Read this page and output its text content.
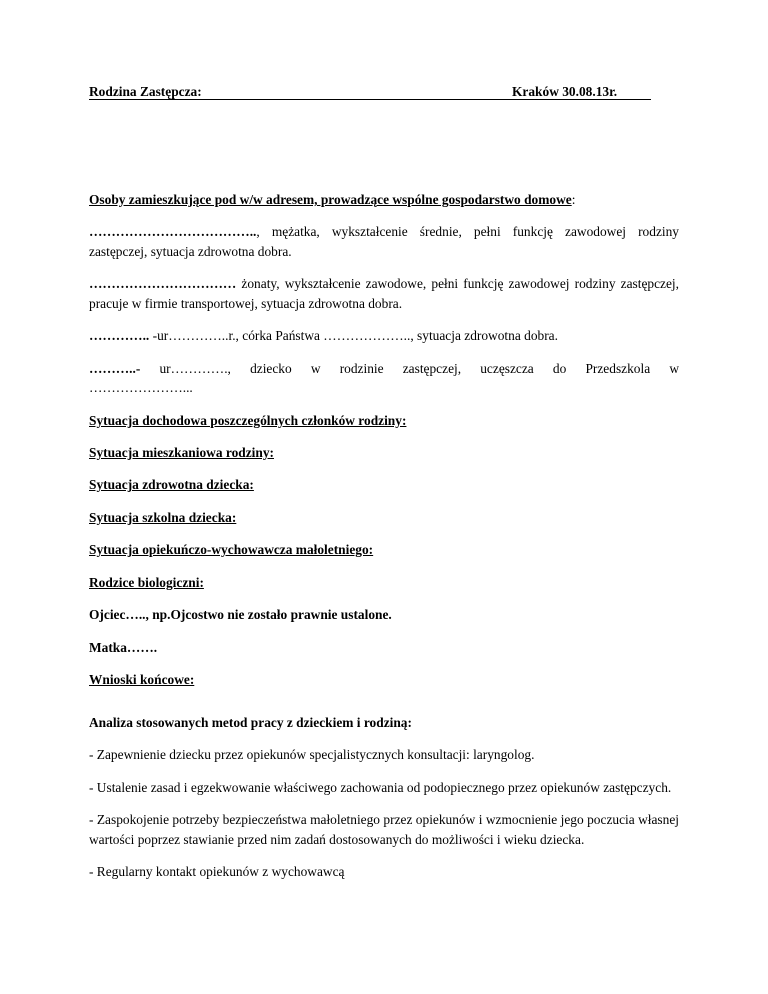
Rodzina Zastępcza:	Kraków 30.08.13r.

Osoby zamieszkujące pod w/w adresem, prowadzące wspólne gospodarstwo domowe:

……………………………….., mężatka, wykształcenie średnie, pełni funkcję zawodowej rodziny zastępczej, sytuacja zdrowotna dobra.

…………………………… żonaty, wykształcenie zawodowe, pełni funkcję zawodowej rodziny zastępczej, pracuje w firmie transportowej, sytuacja zdrowotna dobra.

………….. -ur…………..r., córka Państwa ……………….., sytuacja zdrowotna dobra.

………..- ur…………., dziecko w rodzinie zastępczej, uczęszcza do Przedszkola w
…………………...

Sytuacja dochodowa poszczególnych członków rodziny:

Sytuacja mieszkaniowa rodziny:

Sytuacja zdrowotna dziecka:

Sytuacja szkolna dziecka:

Sytuacja opiekuńczo-wychowawcza małoletniego:

Rodzice biologiczni:

Ojciec….., np.Ojcostwo nie zostało prawnie ustalone.

Matka…….

Wnioski końcowe:

Analiza stosowanych metod pracy z dzieckiem i rodziną:

- Zapewnienie dziecku przez opiekunów specjalistycznych konsultacji: laryngolog.

- Ustalenie zasad i egzekwowanie właściwego zachowania od podopiecznego przez opiekunów zastępczych.

- Zaspokojenie potrzeby bezpieczeństwa małoletniego przez opiekunów i wzmocnienie jego poczucia własnej wartości poprzez stawianie przed nim zadań dostosowanych do możliwości i wieku dziecka.

- Regularny kontakt opiekunów z wychowawcą
